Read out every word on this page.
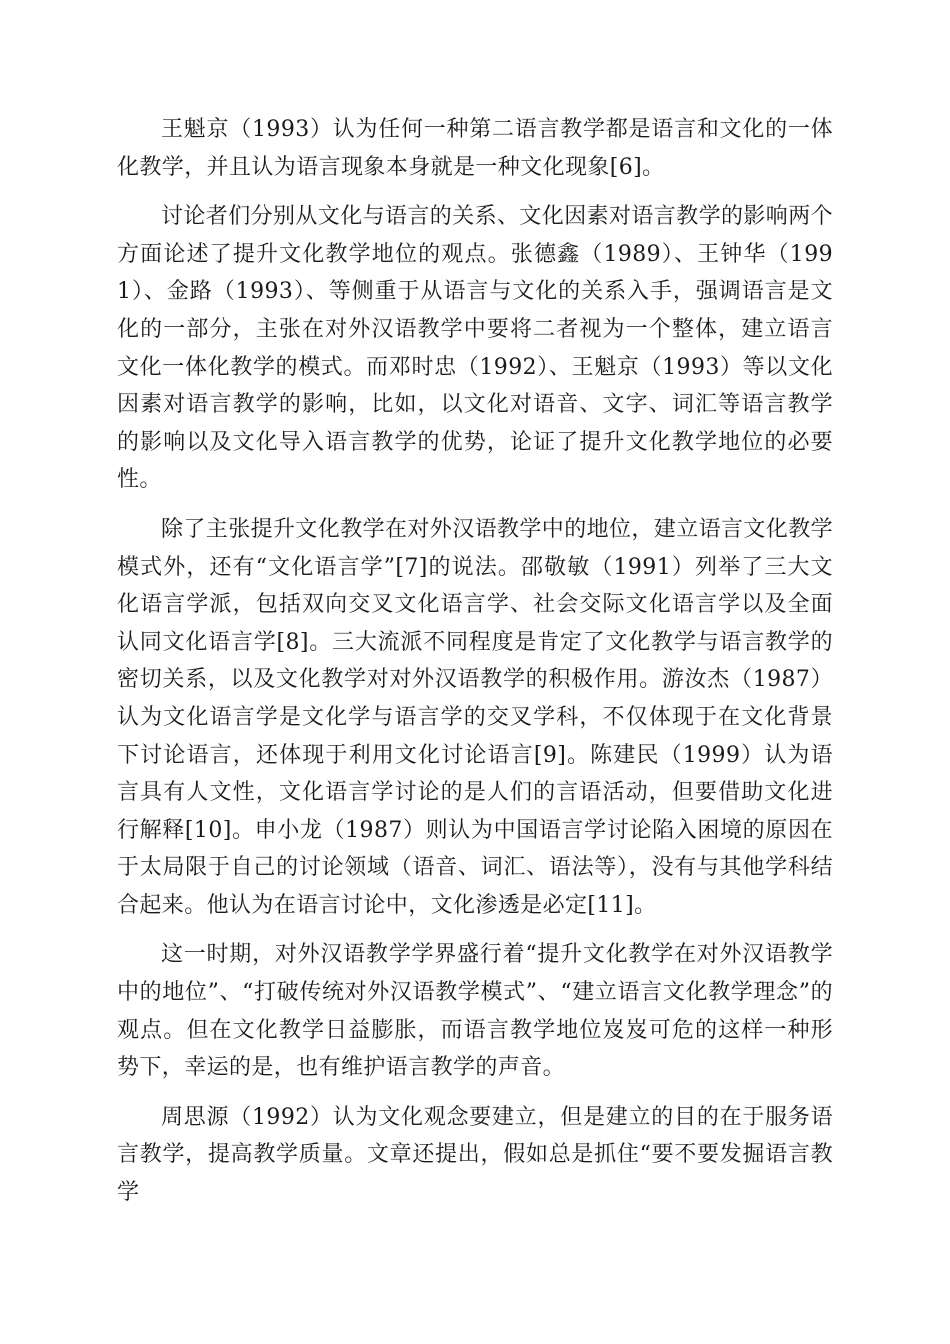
王魁京（1993）认为任何一种第二语言教学都是语言和文化的一体化教学，并且认为语言现象本身就是一种文化现象[6]。

讨论者们分别从文化与语言的关系、文化因素对语言教学的影响两个方面论述了提升文化教学地位的观点。张德鑫（1989）、王钟华（1991）、金路（1993）、等侧重于从语言与文化的关系入手，强调语言是文化的一部分，主张在对外汉语教学中要将二者视为一个整体，建立语言文化一体化教学的模式。而邓时忠（1992）、王魁京（1993）等以文化因素对语言教学的影响，比如，以文化对语音、文字、词汇等语言教学的影响以及文化导入语言教学的优势，论证了提升文化教学地位的必要性。

除了主张提升文化教学在对外汉语教学中的地位，建立语言文化教学模式外，还有“文化语言学”[7]的说法。邵敬敏（1991）列举了三大文化语言学派，包括双向交叉文化语言学、社会交际文化语言学以及全面认同文化语言学[8]。三大流派不同程度是肯定了文化教学与语言教学的密切关系，以及文化教学对对外汉语教学的积极作用。游汝杰（1987）认为文化语言学是文化学与语言学的交叉学科，不仅体现于在文化背景下讨论语言，还体现于利用文化讨论语言[9]。陈建民（1999）认为语言具有人文性，文化语言学讨论的是人们的言语活动，但要借助文化进行解释[10]。申小龙（1987）则认为中国语言学讨论陷入困境的原因在于太局限于自己的讨论领域（语音、词汇、语法等），没有与其他学科结合起来。他认为在语言讨论中，文化渗透是必定[11]。

这一时期，对外汉语教学学界盛行着“提升文化教学在对外汉语教学中的地位”、“打破传统对外汉语教学模式”、“建立语言文化教学理念”的观点。但在文化教学日益膨胀，而语言教学地位岌岌可危的这样一种形势下，幸运的是，也有维护语言教学的声音。

周思源（1992）认为文化观念要建立，但是建立的目的在于服务语言教学，提高教学质量。文章还提出，假如总是抓住“要不要发掘语言教学
